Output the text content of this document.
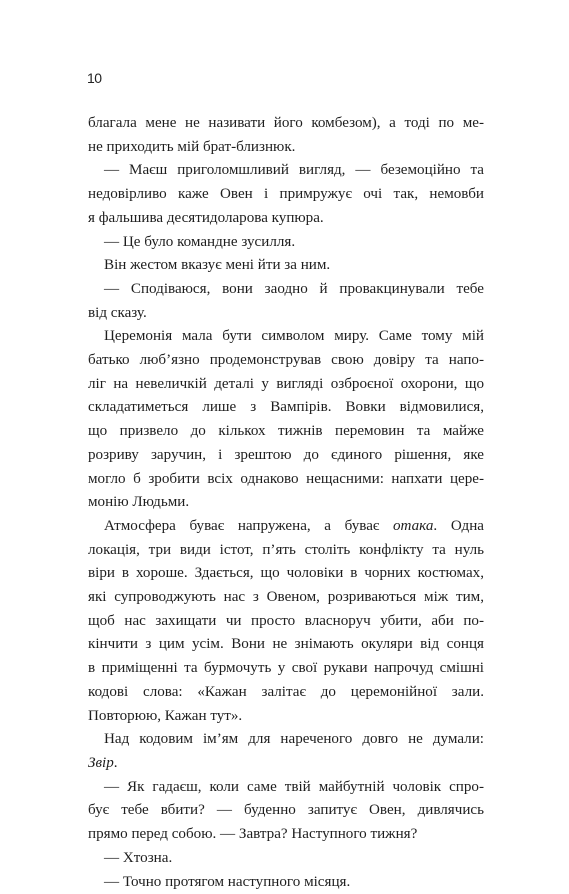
10
благала мене не називати його комбезом), а тоді по ме-
не приходить мій брат-близнюк.
— Маєш приголомшливий вигляд, — беземоційно та
недовірливо каже Овен і примружує очі так, немовби
я фальшива десятидоларова купюра.
— Це було командне зусилля.
Він жестом вказує мені йти за ним.
— Сподіваюся, вони заодно й провакцинували тебе
від сказу.
Церемонія мала бути символом миру. Саме тому мій
батько люб’язно продемонстрував свою довіру та напо-
ліг на невеличкій деталі у вигляді озброєної охорони, що
складатиметься лише з Вампірів. Вовки відмовилися,
що призвело до кількох тижнів перемовин та майже
розриву заручин, і зрештою до єдиного рішення, яке
могло б зробити всіх однаково нещасними: напхати цере-
монію Людьми.
Атмосфера буває напружена, а буває отака. Одна
локація, три види істот, п’ять століть конфлікту та нуль
віри в хороше. Здається, що чоловіки в чорних костюмах,
які супроводжують нас з Овеном, розриваються між тим,
щоб нас захищати чи просто власноруч убити, аби по-
кінчити з цим усім. Вони не знімають окуляри від сонця
в приміщенні та бурмочуть у свої рукави напрочуд смішні
кодові слова: «Кажан залітає до церемонійної зали.
Повторюю, Кажан тут».
Над кодовим ім’ям для нареченого довго не думали:
Звір.
— Як гадаєш, коли саме твій майбутній чоловік спро-
бує тебе вбити? — буденно запитує Овен, дивлячись
прямо перед собою. — Завтра? Наступного тижня?
— Хтозна.
— Точно протягом наступного місяця.
